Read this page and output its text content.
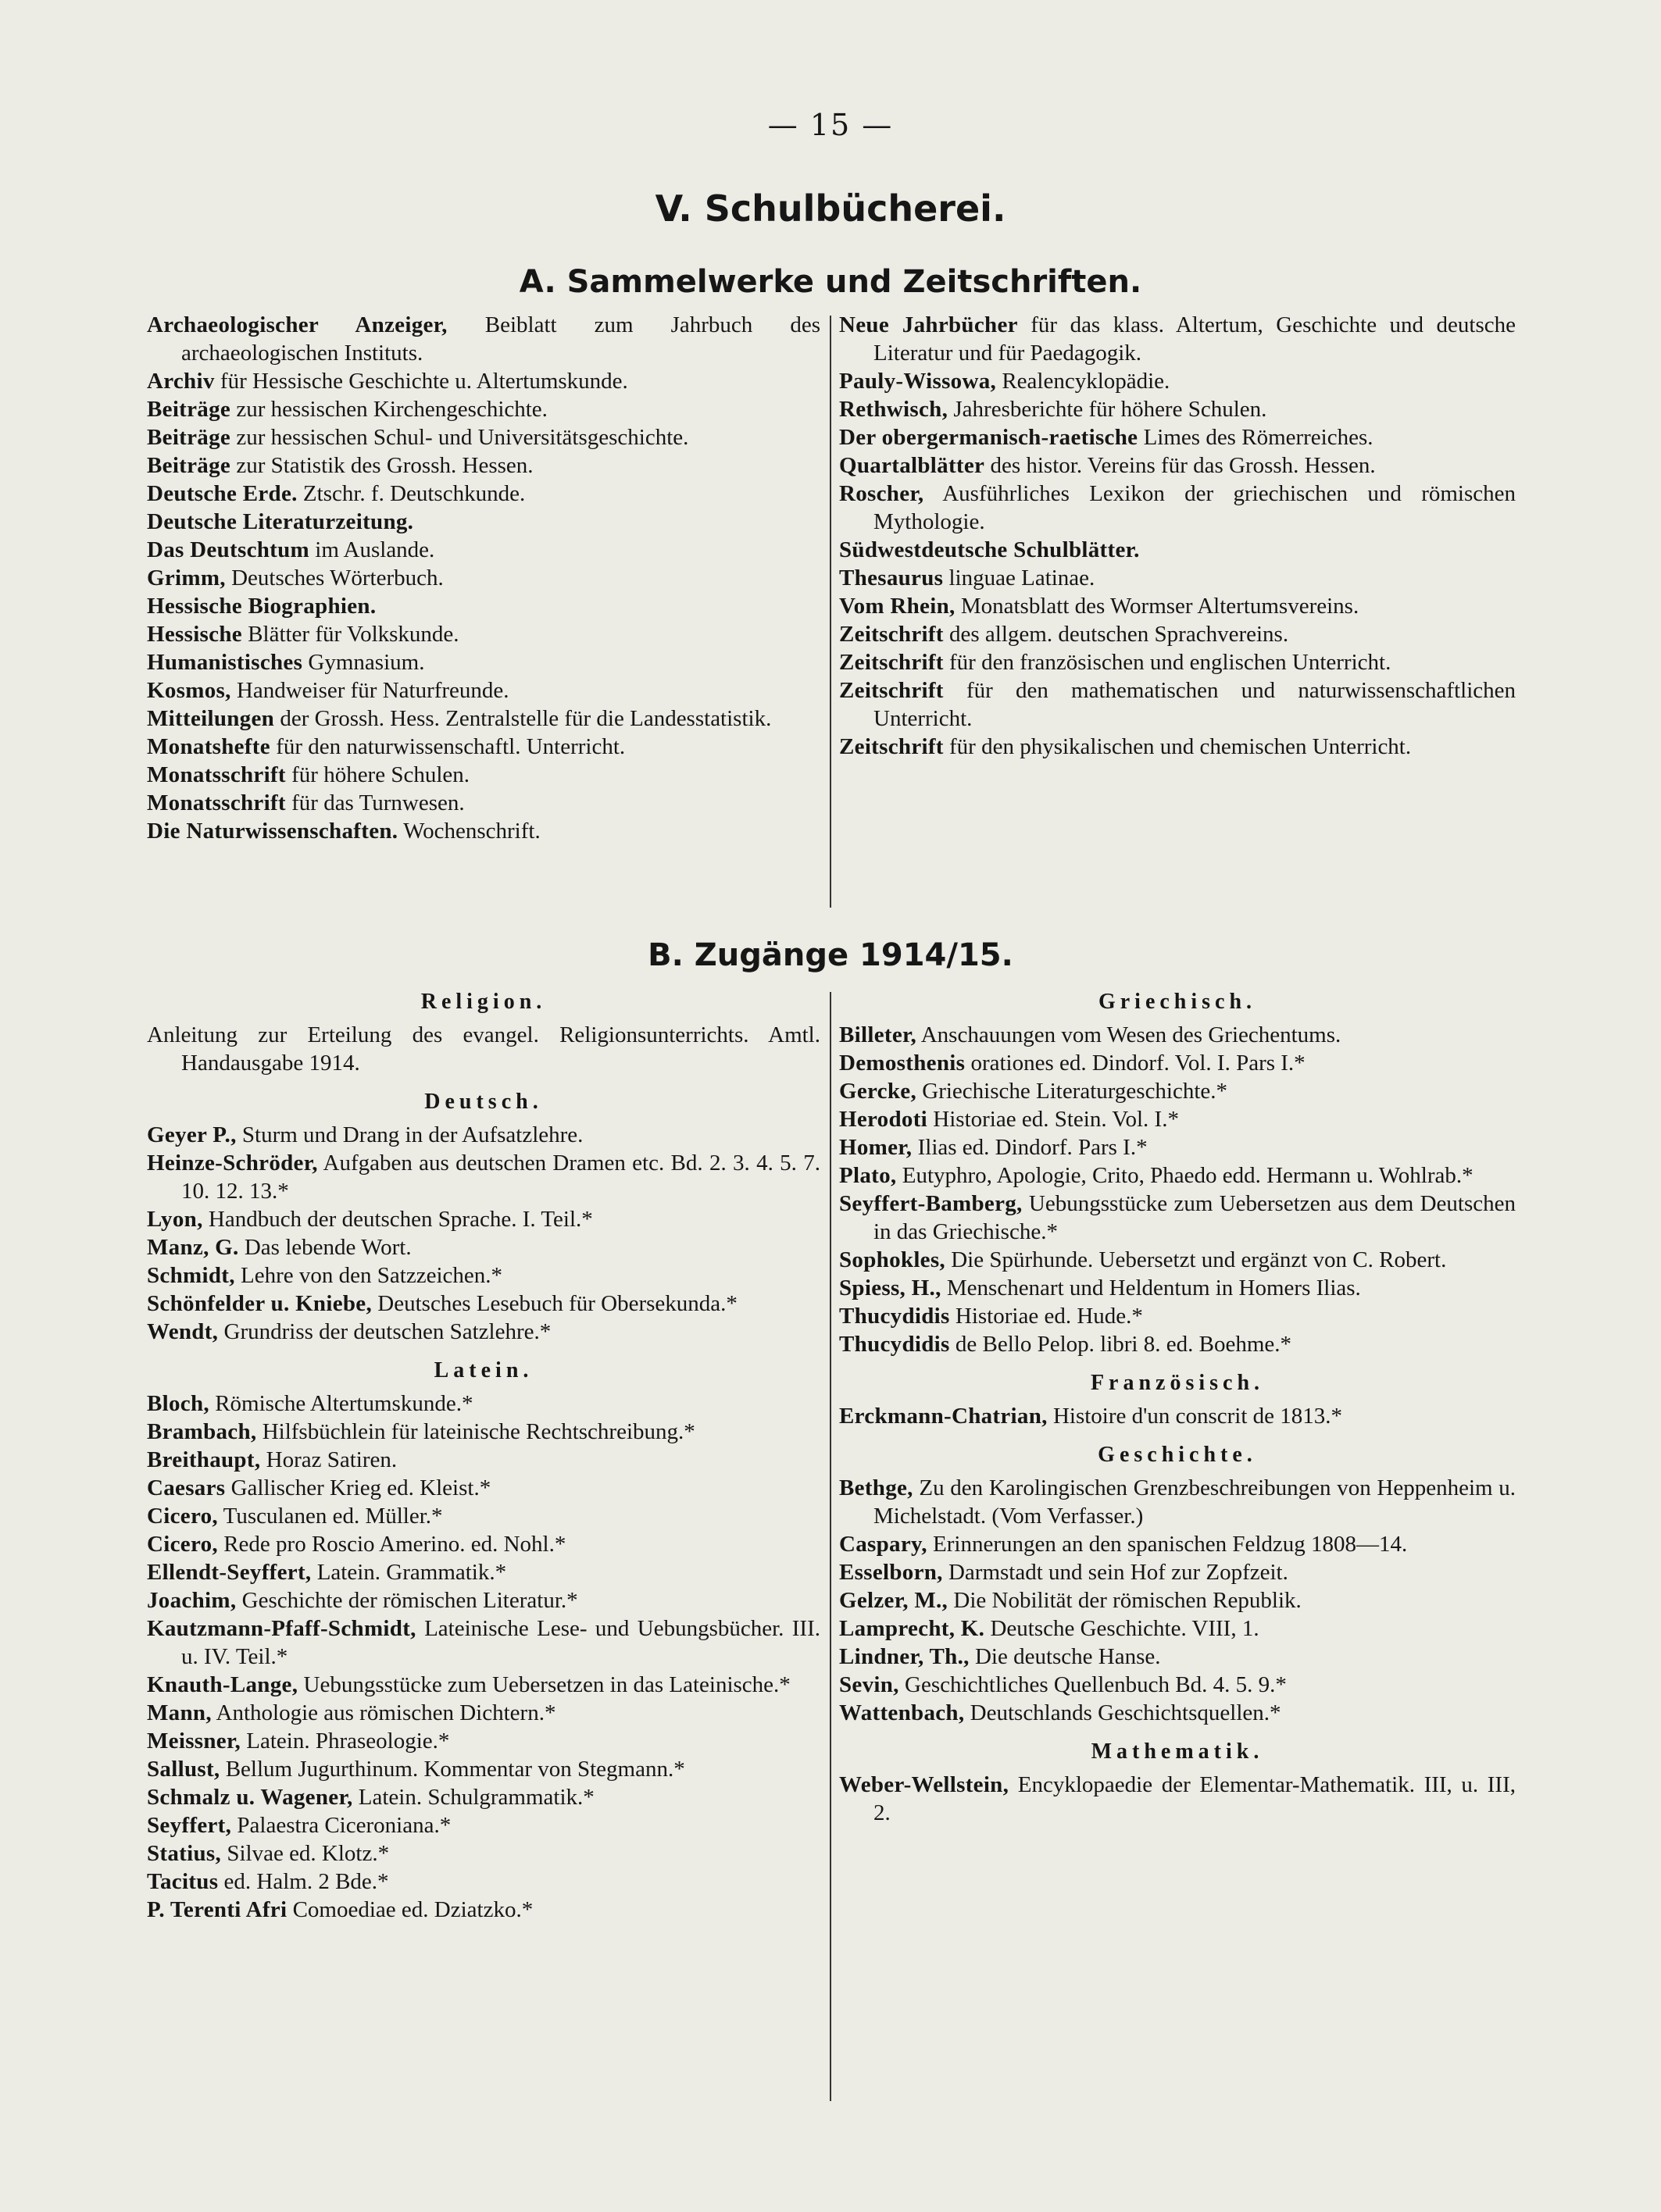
— 15 —
V. Schulbücherei.
A. Sammelwerke und Zeitschriften.
Archaeologischer Anzeiger, Beiblatt zum Jahrbuch des archaeologischen Instituts.
Archiv für Hessische Geschichte u. Altertumskunde.
Beiträge zur hessischen Kirchengeschichte.
Beiträge zur hessischen Schul- und Universitätsgeschichte.
Beiträge zur Statistik des Grossh. Hessen.
Deutsche Erde. Ztschr. f. Deutschkunde.
Deutsche Literaturzeitung.
Das Deutschtum im Auslande.
Grimm, Deutsches Wörterbuch.
Hessische Biographien.
Hessische Blätter für Volkskunde.
Humanistisches Gymnasium.
Kosmos, Handweiser für Naturfreunde.
Mitteilungen der Grossh. Hess. Zentralstelle für die Landesstatistik.
Monatshefte für den naturwissenschaftl. Unterricht.
Monatsschrift für höhere Schulen.
Monatsschrift für das Turnwesen.
Die Naturwissenschaften. Wochenschrift.
Neue Jahrbücher für das klass. Altertum, Geschichte und deutsche Literatur und für Paedagogik.
Pauly-Wissowa, Realencyklopädie.
Rethwisch, Jahresberichte für höhere Schulen.
Der obergermanisch-raetische Limes des Römerreiches.
Quartalblätter des histor. Vereins für das Grossh. Hessen.
Roscher, Ausführliches Lexikon der griechischen und römischen Mythologie.
Südwestdeutsche Schulblätter.
Thesaurus linguae Latinae.
Vom Rhein, Monatsblatt des Wormser Altertumsvereins.
Zeitschrift des allgem. deutschen Sprachvereins.
Zeitschrift für den französischen und englischen Unterricht.
Zeitschrift für den mathematischen und naturwissenschaftlichen Unterricht.
Zeitschrift für den physikalischen und chemischen Unterricht.
B. Zugänge 1914/15.
Religion.
Anleitung zur Erteilung des evangel. Religionsunterrichts. Amtl. Handausgabe 1914.
Deutsch.
Geyer P., Sturm und Drang in der Aufsatzlehre.
Heinze-Schröder, Aufgaben aus deutschen Dramen etc. Bd. 2. 3. 4. 5. 7. 10. 12. 13.*
Lyon, Handbuch der deutschen Sprache. I. Teil.*
Manz, G. Das lebende Wort.
Schmidt, Lehre von den Satzzeichen.*
Schönfelder u. Kniebe, Deutsches Lesebuch für Obersekunda.*
Wendt, Grundriss der deutschen Satzlehre.*
Latein.
Bloch, Römische Altertumskunde.*
Brambach, Hilfsbüchlein für lateinische Rechtschreibung.*
Breithaupt, Horaz Satiren.
Caesars Gallischer Krieg ed. Kleist.*
Cicero, Tusculanen ed. Müller.*
Cicero, Rede pro Roscio Amerino. ed. Nohl.*
Ellendt-Seyffert, Latein. Grammatik.*
Joachim, Geschichte der römischen Literatur.*
Kautzmann-Pfaff-Schmidt, Lateinische Lese- und Uebungsbücher. III. u. IV. Teil.*
Knauth-Lange, Uebungsstücke zum Uebersetzen in das Lateinische.*
Mann, Anthologie aus römischen Dichtern.*
Meissner, Latein. Phraseologie.*
Sallust, Bellum Jugurthinum. Kommentar von Stegmann.*
Schmalz u. Wagener, Latein. Schulgrammatik.*
Seyffert, Palaestra Ciceroniana.*
Statius, Silvae ed. Klotz.*
Tacitus ed. Halm. 2 Bde.*
P. Terenti Afri Comoediae ed. Dziatzko.*
Griechisch.
Billeter, Anschauungen vom Wesen des Griechentums.
Demosthenis orationes ed. Dindorf. Vol. I. Pars I.*
Gercke, Griechische Literaturgeschichte.*
Herodoti Historiae ed. Stein. Vol. I.*
Homer, Ilias ed. Dindorf. Pars I.*
Plato, Eutyphro, Apologie, Crito, Phaedo edd. Hermann u. Wohlrab.*
Seyffert-Bamberg, Uebungsstücke zum Uebersetzen aus dem Deutschen in das Griechische.*
Sophokles, Die Spürhunde. Uebersetzt und ergänzt von C. Robert.
Spiess, H., Menschenart und Heldentum in Homers Ilias.
Thucydidis Historiae ed. Hude.*
Thucydidis de Bello Pelop. libri 8. ed. Boehme.*
Französisch.
Erckmann-Chatrian, Histoire d'un conscrit de 1813.*
Geschichte.
Bethge, Zu den Karolingischen Grenzbeschreibungen von Heppenheim u. Michelstadt. (Vom Verfasser.)
Caspary, Erinnerungen an den spanischen Feldzug 1808—14.
Esselborn, Darmstadt und sein Hof zur Zopfzeit.
Gelzer, M., Die Nobilität der römischen Republik.
Lamprecht, K. Deutsche Geschichte. VIII, 1.
Lindner, Th., Die deutsche Hanse.
Sevin, Geschichtliches Quellenbuch Bd. 4. 5. 9.*
Wattenbach, Deutschlands Geschichtsquellen.*
Mathematik.
Weber-Wellstein, Encyklopaedie der Elementar-Mathematik. III, u. III, 2.
